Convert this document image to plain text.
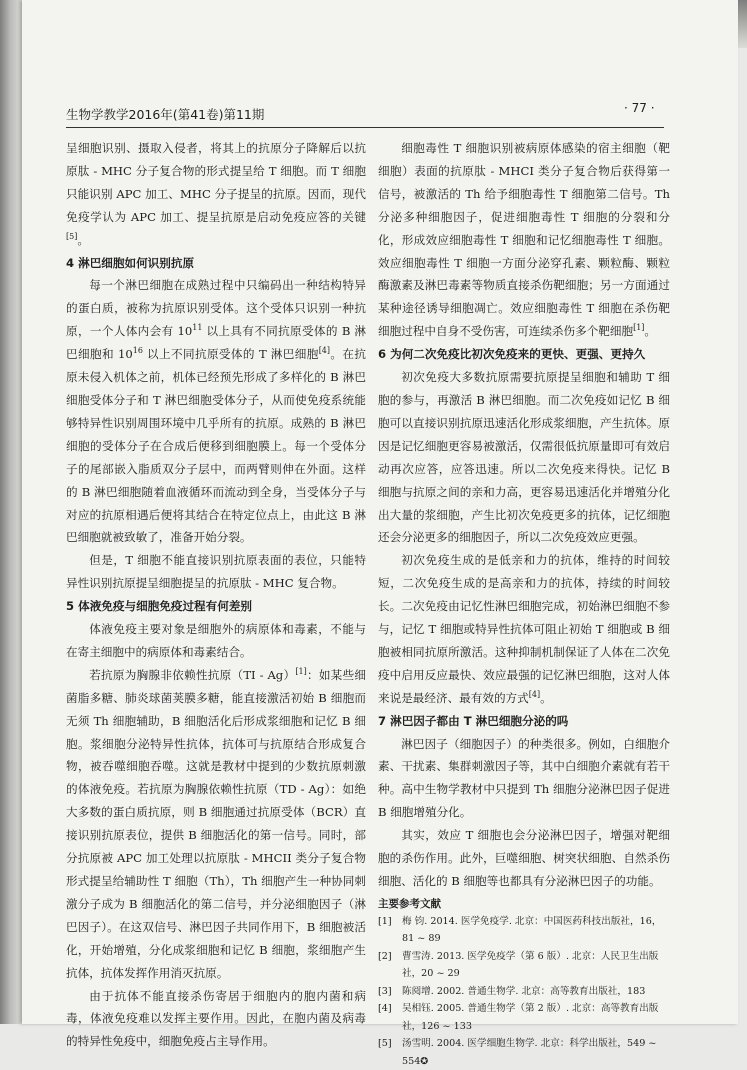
生物学教学2016年(第41卷)第11期	· 77 ·

呈细胞识别、摄取入侵者，将其上的抗原分子降解后以抗原肽 - MHC 分子复合物的形式提呈给 T 细胞。而 T 细胞只能识别 APC 加工、MHC 分子提呈的抗原。因而，现代免疫学认为 APC 加工、提呈抗原是启动免疫应答的关键[5]。

4 淋巴细胞如何识别抗原

每一个淋巴细胞在成熟过程中只编码出一种结构特异的蛋白质，被称为抗原识别受体。这个受体只识别一种抗原，一个人体内会有 $10^{11}$ 以上具有不同抗原受体的 B 淋巴细胞和 $10^{16}$ 以上不同抗原受体的 T 淋巴细胞[4]。在抗原未侵入机体之前，机体已经预先形成了多样化的 B 淋巴细胞受体分子和 T 淋巴细胞受体分子，从而使免疫系统能够特异性识别周围环境中几乎所有的抗原。成熟的 B 淋巴细胞的受体分子在合成后便移到细胞膜上。每一个受体分子的尾部嵌入脂质双分子层中，而两臂则伸在外面。这样的 B 淋巴细胞随着血液循环而流动到全身，当受体分子与对应的抗原相遇后便将其结合在特定位点上，由此这 B 淋巴细胞就被致敏了，准备开始分裂。

但是，T 细胞不能直接识别抗原表面的表位，只能特异性识别抗原提呈细胞提呈的抗原肽 - MHC 复合物。

5 体液免疫与细胞免疫过程有何差别

体液免疫主要对象是细胞外的病原体和毒素，不能与在寄主细胞中的病原体和毒素结合。

若抗原为胸腺非依赖性抗原（TI - Ag）[1]：如某些细菌脂多糖、肺炎球菌荚膜多糖，能直接激活初始 B 细胞而无须 Th 细胞辅助，B 细胞活化后形成浆细胞和记忆 B 细胞。浆细胞分泌特异性抗体，抗体可与抗原结合形成复合物，被吞噬细胞吞噬。这就是教材中提到的少数抗原刺激的体液免疫。若抗原为胸腺依赖性抗原（TD - Ag）：如绝大多数的蛋白质抗原，则 B 细胞通过抗原受体（BCR）直接识别抗原表位，提供 B 细胞活化的第一信号。同时，部分抗原被 APC 加工处理以抗原肽 - MHCII 类分子复合物形式提呈给辅助性 T 细胞（Th），Th 细胞产生一种协同刺激分子成为 B 细胞活化的第二信号，并分泌细胞因子（淋巴因子）。在这双信号、淋巴因子共同作用下，B 细胞被活化，开始增殖，分化成浆细胞和记忆 B 细胞，浆细胞产生抗体，抗体发挥作用消灭抗原。

由于抗体不能直接杀伤寄居于细胞内的胞内菌和病毒，体液免疫难以发挥主要作用。因此，在胞内菌及病毒的特异性免疫中，细胞免疫占主导作用。

细胞毒性 T 细胞识别被病原体感染的宿主细胞（靶细胞）表面的抗原肽 - MHCI 类分子复合物后获得第一信号，被激活的 Th 给予细胞毒性 T 细胞第二信号。Th 分泌多种细胞因子，促进细胞毒性 T 细胞的分裂和分化，形成效应细胞毒性 T 细胞和记忆细胞毒性 T 细胞。效应细胞毒性 T 细胞一方面分泌穿孔素、颗粒酶、颗粒酶激素及淋巴毒素等物质直接杀伤靶细胞；另一方面通过某种途径诱导细胞凋亡。效应细胞毒性 T 细胞在杀伤靶细胞过程中自身不受伤害，可连续杀伤多个靶细胞[1]。

6 为何二次免疫比初次免疫来的更快、更强、更持久

初次免疫大多数抗原需要抗原提呈细胞和辅助 T 细胞的参与，再激活 B 淋巴细胞。而二次免疫如记忆 B 细胞可以直接识别抗原迅速活化形成浆细胞，产生抗体。原因是记忆细胞更容易被激活，仅需很低抗原量即可有效启动再次应答，应答迅速。所以二次免疫来得快。记忆 B 细胞与抗原之间的亲和力高，更容易迅速活化并增殖分化出大量的浆细胞，产生比初次免疫更多的抗体，记忆细胞还会分泌更多的细胞因子，所以二次免疫效应更强。

初次免疫生成的是低亲和力的抗体，维持的时间较短，二次免疫生成的是高亲和力的抗体，持续的时间较长。二次免疫由记忆性淋巴细胞完成，初始淋巴细胞不参与，记忆 T 细胞或特异性抗体可阻止初始 T 细胞或 B 细胞被相同抗原所激活。这种抑制机制保证了人体在二次免疫中启用反应最快、效应最强的记忆淋巴细胞，这对人体来说是最经济、最有效的方式[4]。

7 淋巴因子都由 T 淋巴细胞分泌的吗

淋巴因子（细胞因子）的种类很多。例如，白细胞介素、干扰素、集群刺激因子等，其中白细胞介素就有若干种。高中生物学教材中只提到 Th 细胞分泌淋巴因子促进 B 细胞增殖分化。

其实，效应 T 细胞也会分泌淋巴因子，增强对靶细胞的杀伤作用。此外，巨噬细胞、树突状细胞、自然杀伤细胞、活化的 B 细胞等也都具有分泌淋巴因子的功能。

主要参考文献

[1] 梅 钧. 2014. 医学免疫学. 北京：中国医药科技出版社，16，81 ~ 89

[2] 曹雪涛. 2013. 医学免疫学（第 6 版）. 北京：人民卫生出版社，20 ~ 29

[3] 陈阅增. 2002. 普通生物学. 北京：高等教育出版社，183

[4] 吴相钰. 2005. 普通生物学（第 2 版）. 北京：高等教育出版社，126 ~ 133

[5] 汤雪明. 2004. 医学细胞生物学. 北京：科学出版社，549 ~ 554✪
